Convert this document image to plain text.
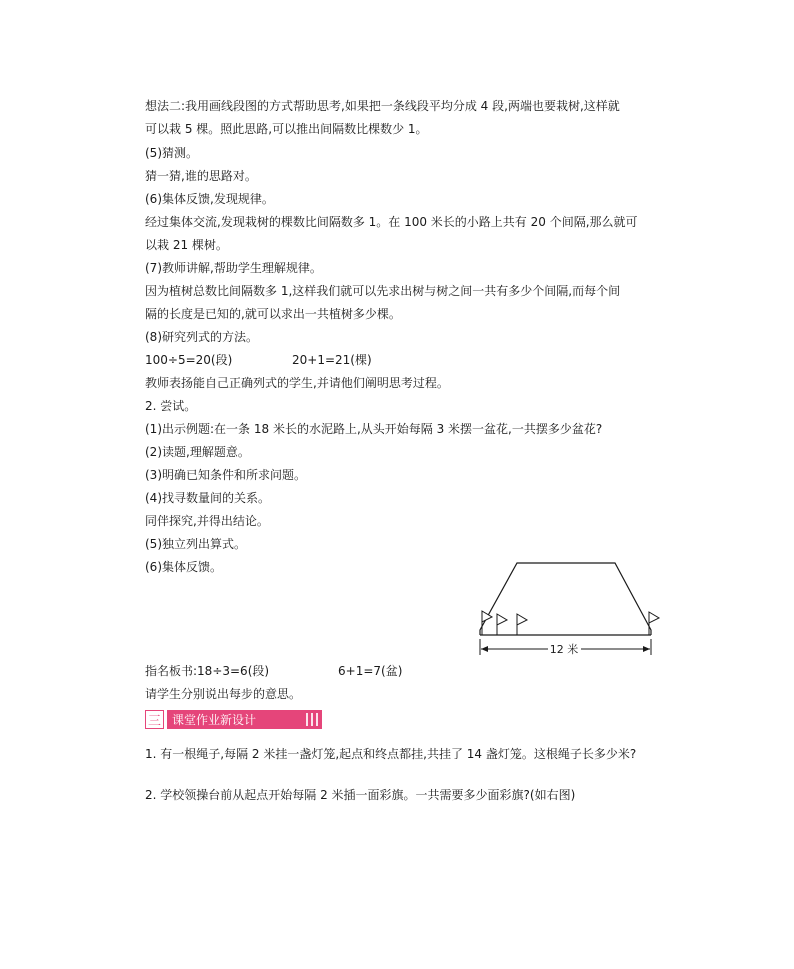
想法二:我用画线段图的方式帮助思考,如果把一条线段平均分成 4 段,两端也要栽树,这样就
可以栽 5 棵。照此思路,可以推出间隔数比棵数少 1。
(5)猜测。
猜一猜,谁的思路对。
(6)集体反馈,发现规律。
经过集体交流,发现栽树的棵数比间隔数多 1。在 100 米长的小路上共有 20 个间隔,那么就可
以栽 21 棵树。
(7)教师讲解,帮助学生理解规律。
因为植树总数比间隔数多 1,这样我们就可以先求出树与树之间一共有多少个间隔,而每个间
隔的长度是已知的,就可以求出一共植树多少棵。
(8)研究列式的方法。
100÷5=20(段)	20+1=21(棵)
教师表扬能自己正确列式的学生,并请他们阐明思考过程。
2. 尝试。
(1)出示例题:在一条 18 米长的水泥路上,从头开始每隔 3 米摆一盆花,一共摆多少盆花?
(2)读题,理解题意。
(3)明确已知条件和所求问题。
(4)找寻数量间的关系。
同伴探究,并得出结论。
(5)独立列出算式。
(6)集体反馈。
12 米
指名板书:18÷3=6(段)	6+1=7(盆)
请学生分别说出每步的意思。
三 课堂作业新设计
1. 有一根绳子,每隔 2 米挂一盏灯笼,起点和终点都挂,共挂了 14 盏灯笼。这根绳子长多少米?
2. 学校领操台前从起点开始每隔 2 米插一面彩旗。一共需要多少面彩旗?(如右图)
